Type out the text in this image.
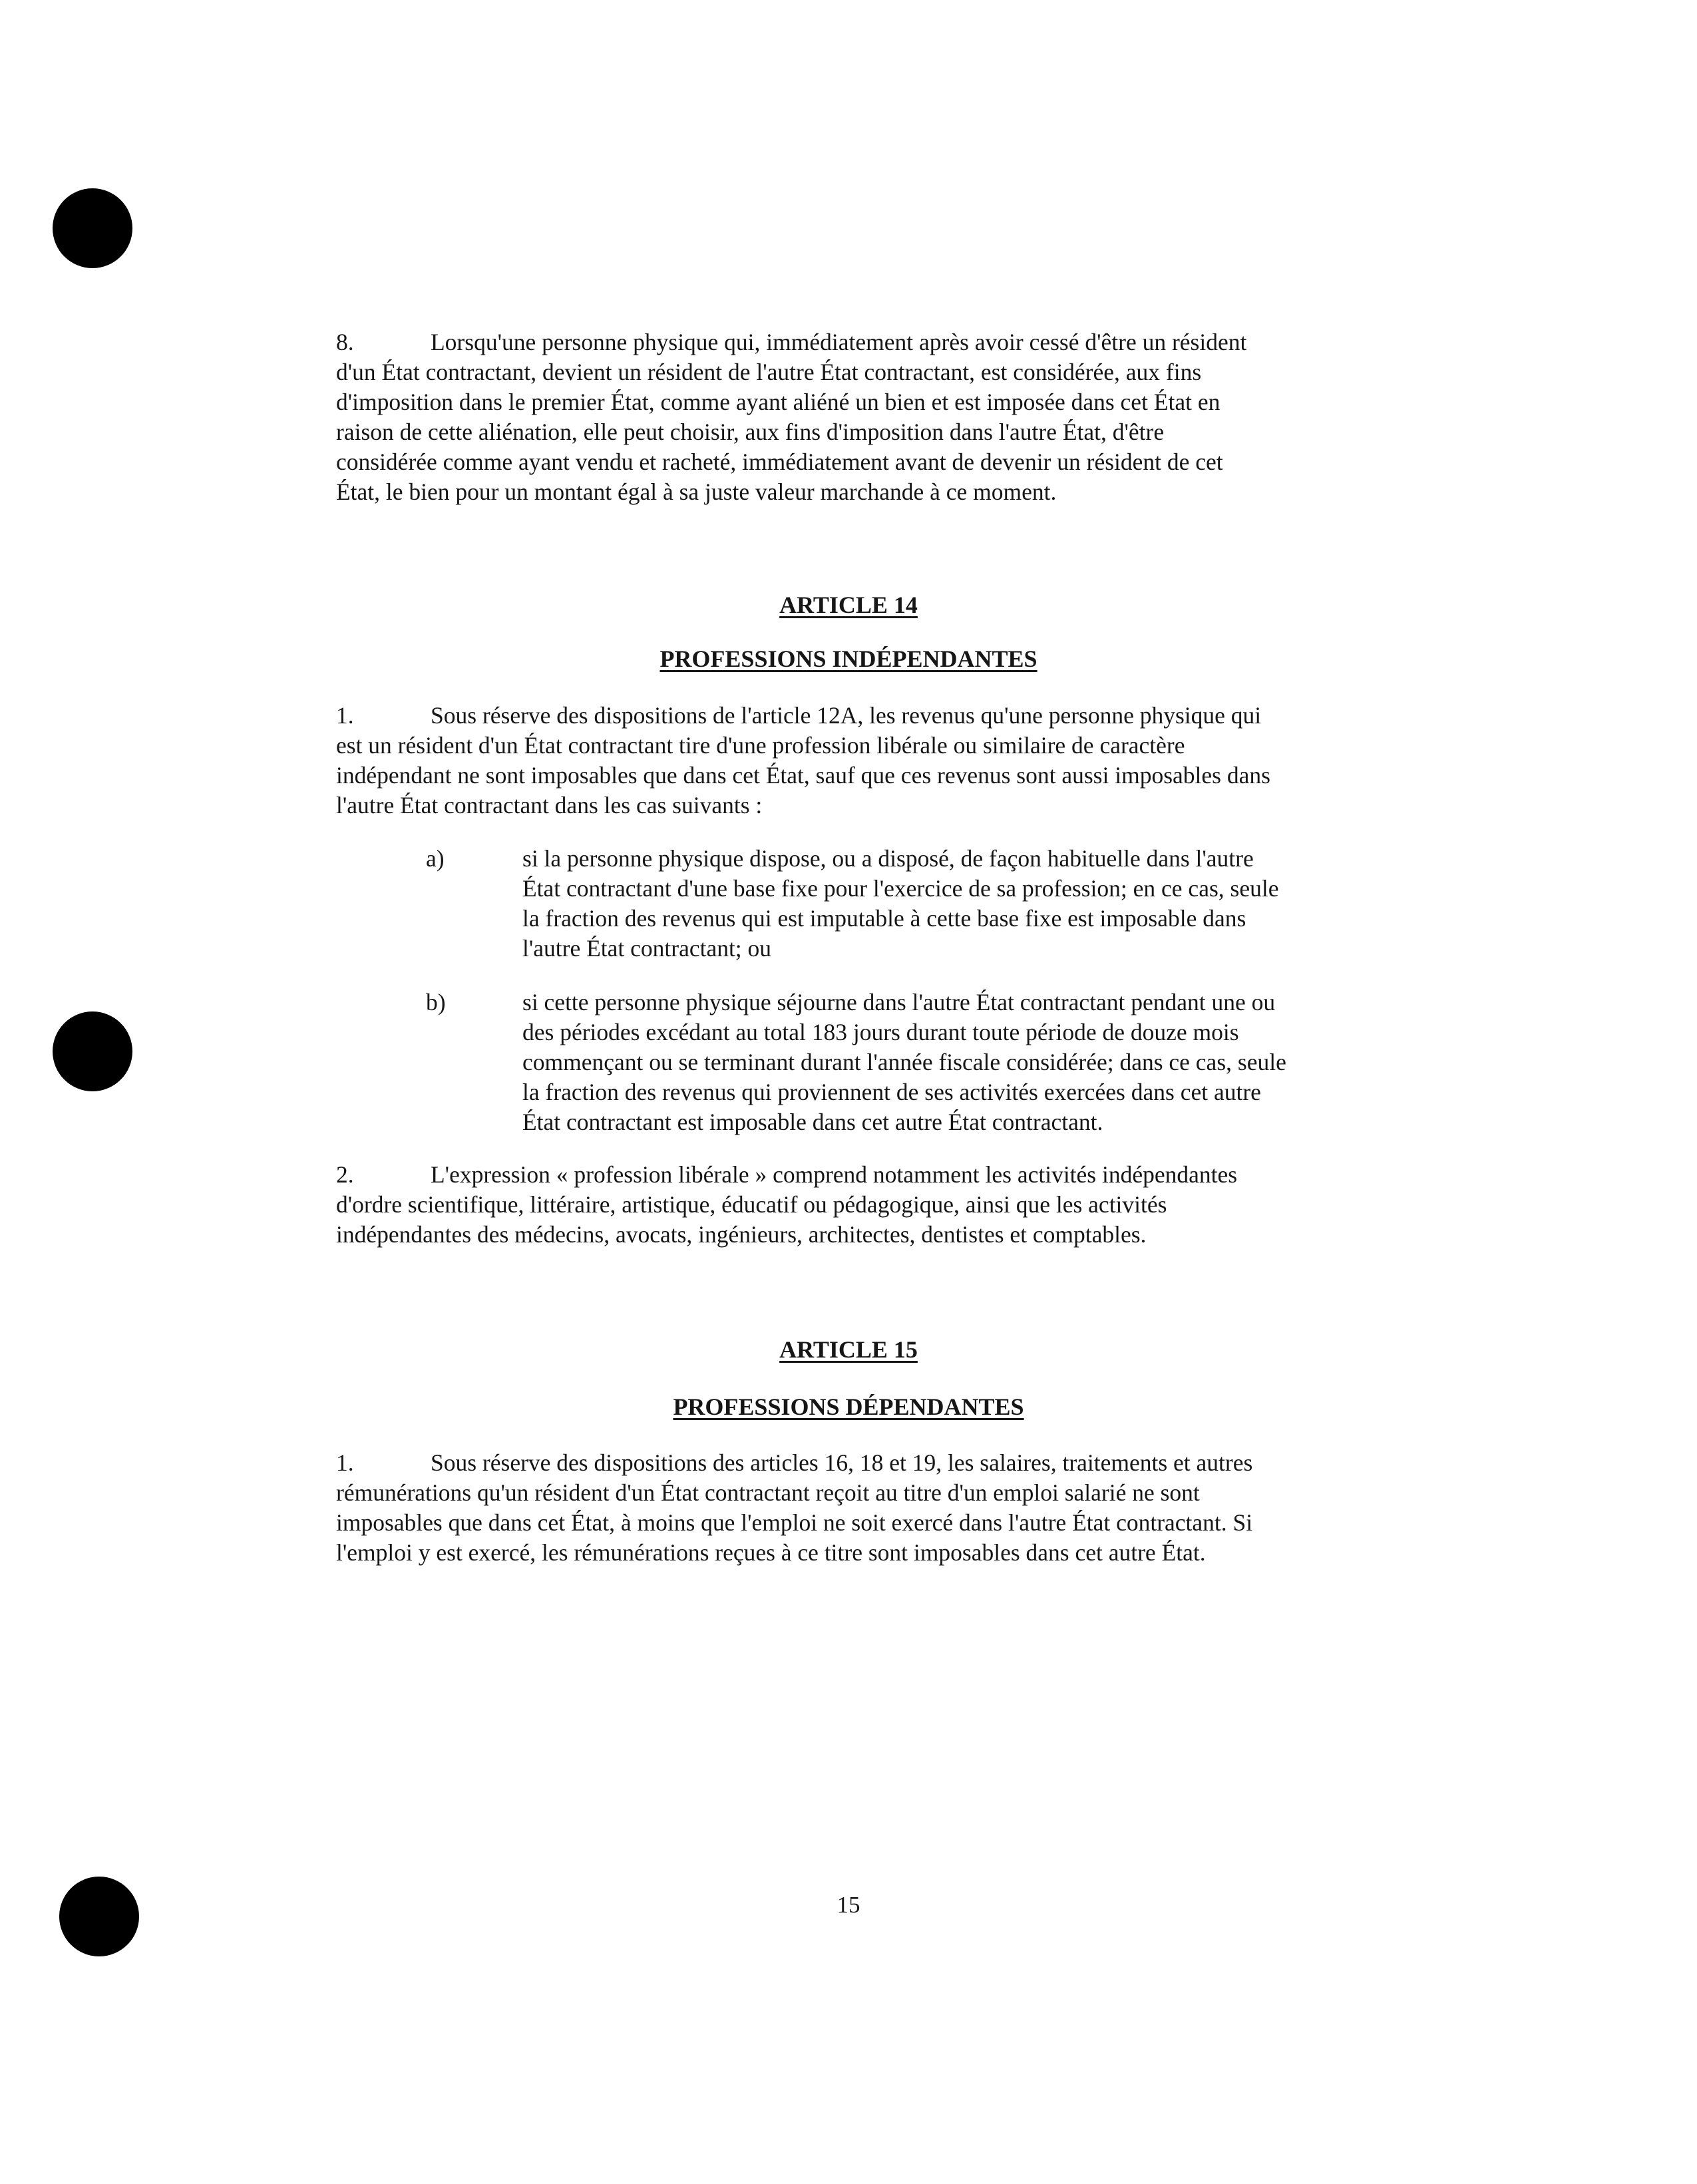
8.	Lorsqu'une personne physique qui, immédiatement après avoir cessé d'être un résident
d'un État contractant, devient un résident de l'autre État contractant, est considérée, aux fins
d'imposition dans le premier État, comme ayant aliéné un bien et est imposée dans cet État en
raison de cette aliénation, elle peut choisir, aux fins d'imposition dans l'autre État, d'être
considérée comme ayant vendu et racheté, immédiatement avant de devenir un résident de cet
État, le bien pour un montant égal à sa juste valeur marchande à ce moment.
ARTICLE 14
PROFESSIONS INDÉPENDANTES
1.	Sous réserve des dispositions de l'article 12A, les revenus qu'une personne physique qui
est un résident d'un État contractant tire d'une profession libérale ou similaire de caractère
indépendant ne sont imposables que dans cet État, sauf que ces revenus sont aussi imposables dans
l'autre État contractant dans les cas suivants :
a)	si la personne physique dispose, ou a disposé, de façon habituelle dans l'autre
État contractant d'une base fixe pour l'exercice de sa profession; en ce cas, seule
la fraction des revenus qui est imputable à cette base fixe est imposable dans
l'autre État contractant; ou
b)	si cette personne physique séjourne dans l'autre État contractant pendant une ou
des périodes excédant au total 183 jours durant toute période de douze mois
commençant ou se terminant durant l'année fiscale considérée; dans ce cas, seule
la fraction des revenus qui proviennent de ses activités exercées dans cet autre
État contractant est imposable dans cet autre État contractant.
2.	L'expression « profession libérale » comprend notamment les activités indépendantes
d'ordre scientifique, littéraire, artistique, éducatif ou pédagogique, ainsi que les activités
indépendantes des médecins, avocats, ingénieurs, architectes, dentistes et comptables.
ARTICLE 15
PROFESSIONS DÉPENDANTES
1.	Sous réserve des dispositions des articles 16, 18 et 19, les salaires, traitements et autres
rémunérations qu'un résident d'un État contractant reçoit au titre d'un emploi salarié ne sont
imposables que dans cet État, à moins que l'emploi ne soit exercé dans l'autre État contractant. Si
l'emploi y est exercé, les rémunérations reçues à ce titre sont imposables dans cet autre État.
15
